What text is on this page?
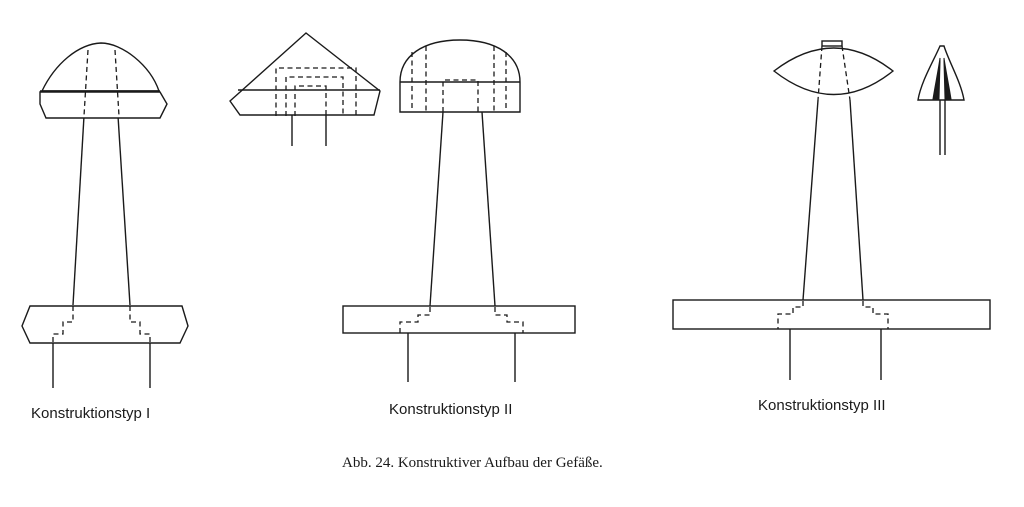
Konstruktionstyp I	Konstruktionstyp II	Konstruktionstyp III
Abb. 24. Konstruktiver Aufbau der Gefäße.
